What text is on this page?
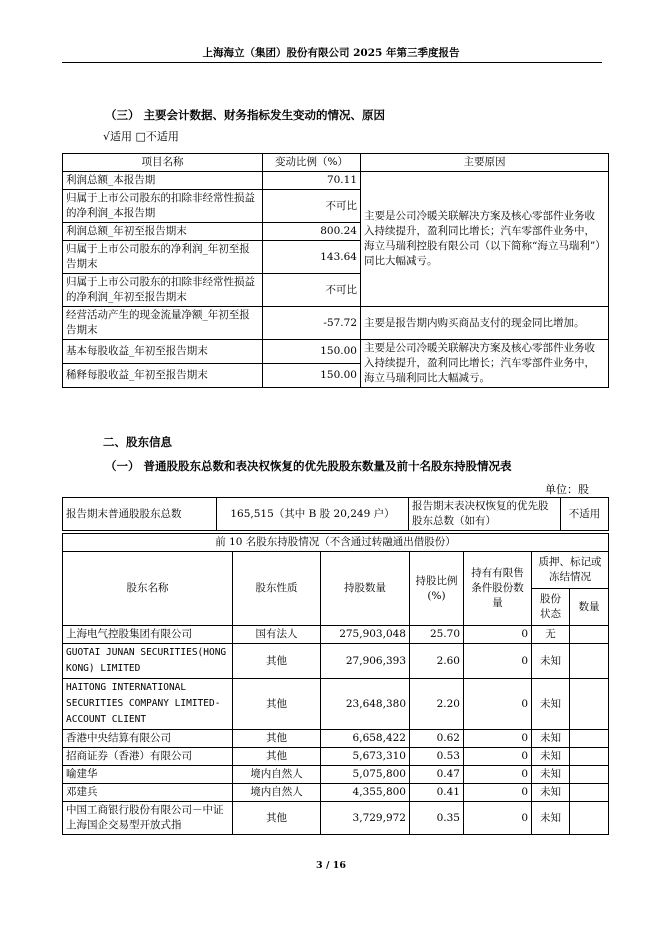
上海海立（集团）股份有限公司 2025 年第三季度报告
（三） 主要会计数据、财务指标发生变动的情况、原因
√适用 □不适用
项目名称	变动比例（%）	主要原因
利润总额_本报告期	70.11	主要是公司冷暖关联解决方案及核心零部件业务收入持续提升，盈利同比增长；汽车零部件业务中，海立马瑞利控股有限公司（以下简称“海立马瑞利”）同比大幅减亏。
归属于上市公司股东的扣除非经常性损益的净利润_本报告期	不可比	
利润总额_年初至报告期末	800.24	
归属于上市公司股东的净利润_年初至报告期末	143.64	
归属于上市公司股东的扣除非经常性损益的净利润_年初至报告期末	不可比	
经营活动产生的现金流量净额_年初至报告期末	-57.72	主要是报告期内购买商品支付的现金同比增加。
基本每股收益_年初至报告期末	150.00	主要是公司冷暖关联解决方案及核心零部件业务收入持续提升，盈利同比增长；汽车零部件业务中，海立马瑞利同比大幅减亏。
稀释每股收益_年初至报告期末	150.00	
二、股东信息
（一） 普通股股东总数和表决权恢复的优先股股东数量及前十名股东持股情况表
单位：股
报告期末普通股股东总数	165,515（其中 B 股 20,249 户）	报告期末表决权恢复的优先股股东总数（如有）	不适用
前 10 名股东持股情况（不含通过转融通出借股份）						
股东名称	股东性质	持股数量	持股比例(%)	持有有限售条件股份数量	质押、标记或冻结情况	
					股份状态	数量
上海电气控股集团有限公司	国有法人	275,903,048	25.70	0	无	
GUOTAI JUNAN SECURITIES(HONG KONG) LIMITED	其他	27,906,393	2.60	0	未知	
HAITONG INTERNATIONAL SECURITIES COMPANY LIMITED-ACCOUNT CLIENT	其他	23,648,380	2.20	0	未知	
香港中央结算有限公司	其他	6,658,422	0.62	0	未知	
招商证券（香港）有限公司	其他	5,673,310	0.53	0	未知	
喻建华	境内自然人	5,075,800	0.47	0	未知	
邓建兵	境内自然人	4,355,800	0.41	0	未知	
中国工商银行股份有限公司－中证上海国企交易型开放式指	其他	3,729,972	0.35	0	未知	
3 / 16
